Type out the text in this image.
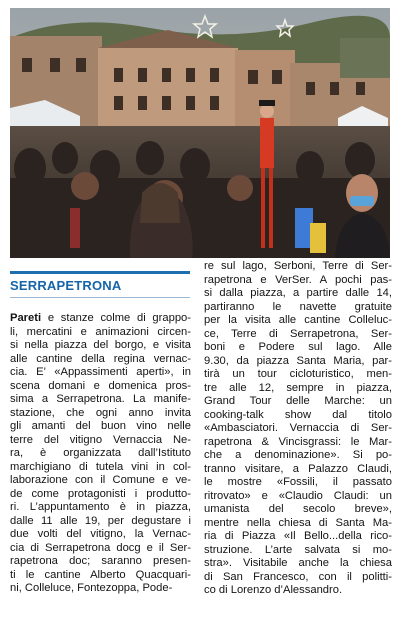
SERRAPETRONA
Pareti e stanze colme di grappo-
li, mercatini e animazioni circen-
si nella piazza del borgo, e visita
alle cantine della regina vernac-
cia. E’ «Appassimenti aperti», in
scena domani e domenica pros-
sima a Serrapetrona. La manife-
stazione, che ogni anno invita
gli amanti del buon vino nelle
terre del vitigno Vernaccia Ne-
ra, è organizzata dall’Istituto
marchigiano di tutela vini in col-
laborazione con il Comune e ve-
de come protagonisti i produtto-
ri. L’appuntamento è in piazza,
dalle 11 alle 19, per degustare i
due volti del vitigno, la Vernac-
cia di Serrapetrona docg e il Ser-
rapetrona doc; saranno presen-
ti le cantine Alberto Quacquari-
ni, Colleluce, Fontezoppa, Pode-
re sul lago, Serboni, Terre di Ser-
rapetrona e VerSer. A pochi pas-
si dalla piazza, a partire dalle 14,
partiranno le navette gratuite
per la visita alle cantine Colleluc-
ce, Terre di Serrapetrona, Ser-
boni e Podere sul lago. Alle
9.30, da piazza Santa Maria, par-
tirà un tour cicloturistico, men-
tre alle 12, sempre in piazza,
Grand Tour delle Marche: un
cooking-talk show dal titolo
«Ambasciatori. Vernaccia di Ser-
rapetrona & Vincisgrassi: le Mar-
che a denominazione». Si po-
tranno visitare, a Palazzo Claudi,
le mostre «Fossili, il passato
ritrovato» e «Claudio Claudi: un
umanista del secolo breve»,
mentre nella chiesa di Santa Ma-
ria di Piazza «Il Bello...della rico-
struzione. L’arte salvata si mo-
stra». Visitabile anche la chiesa
di San Francesco, con il politti-
co di Lorenzo d’Alessandro.
